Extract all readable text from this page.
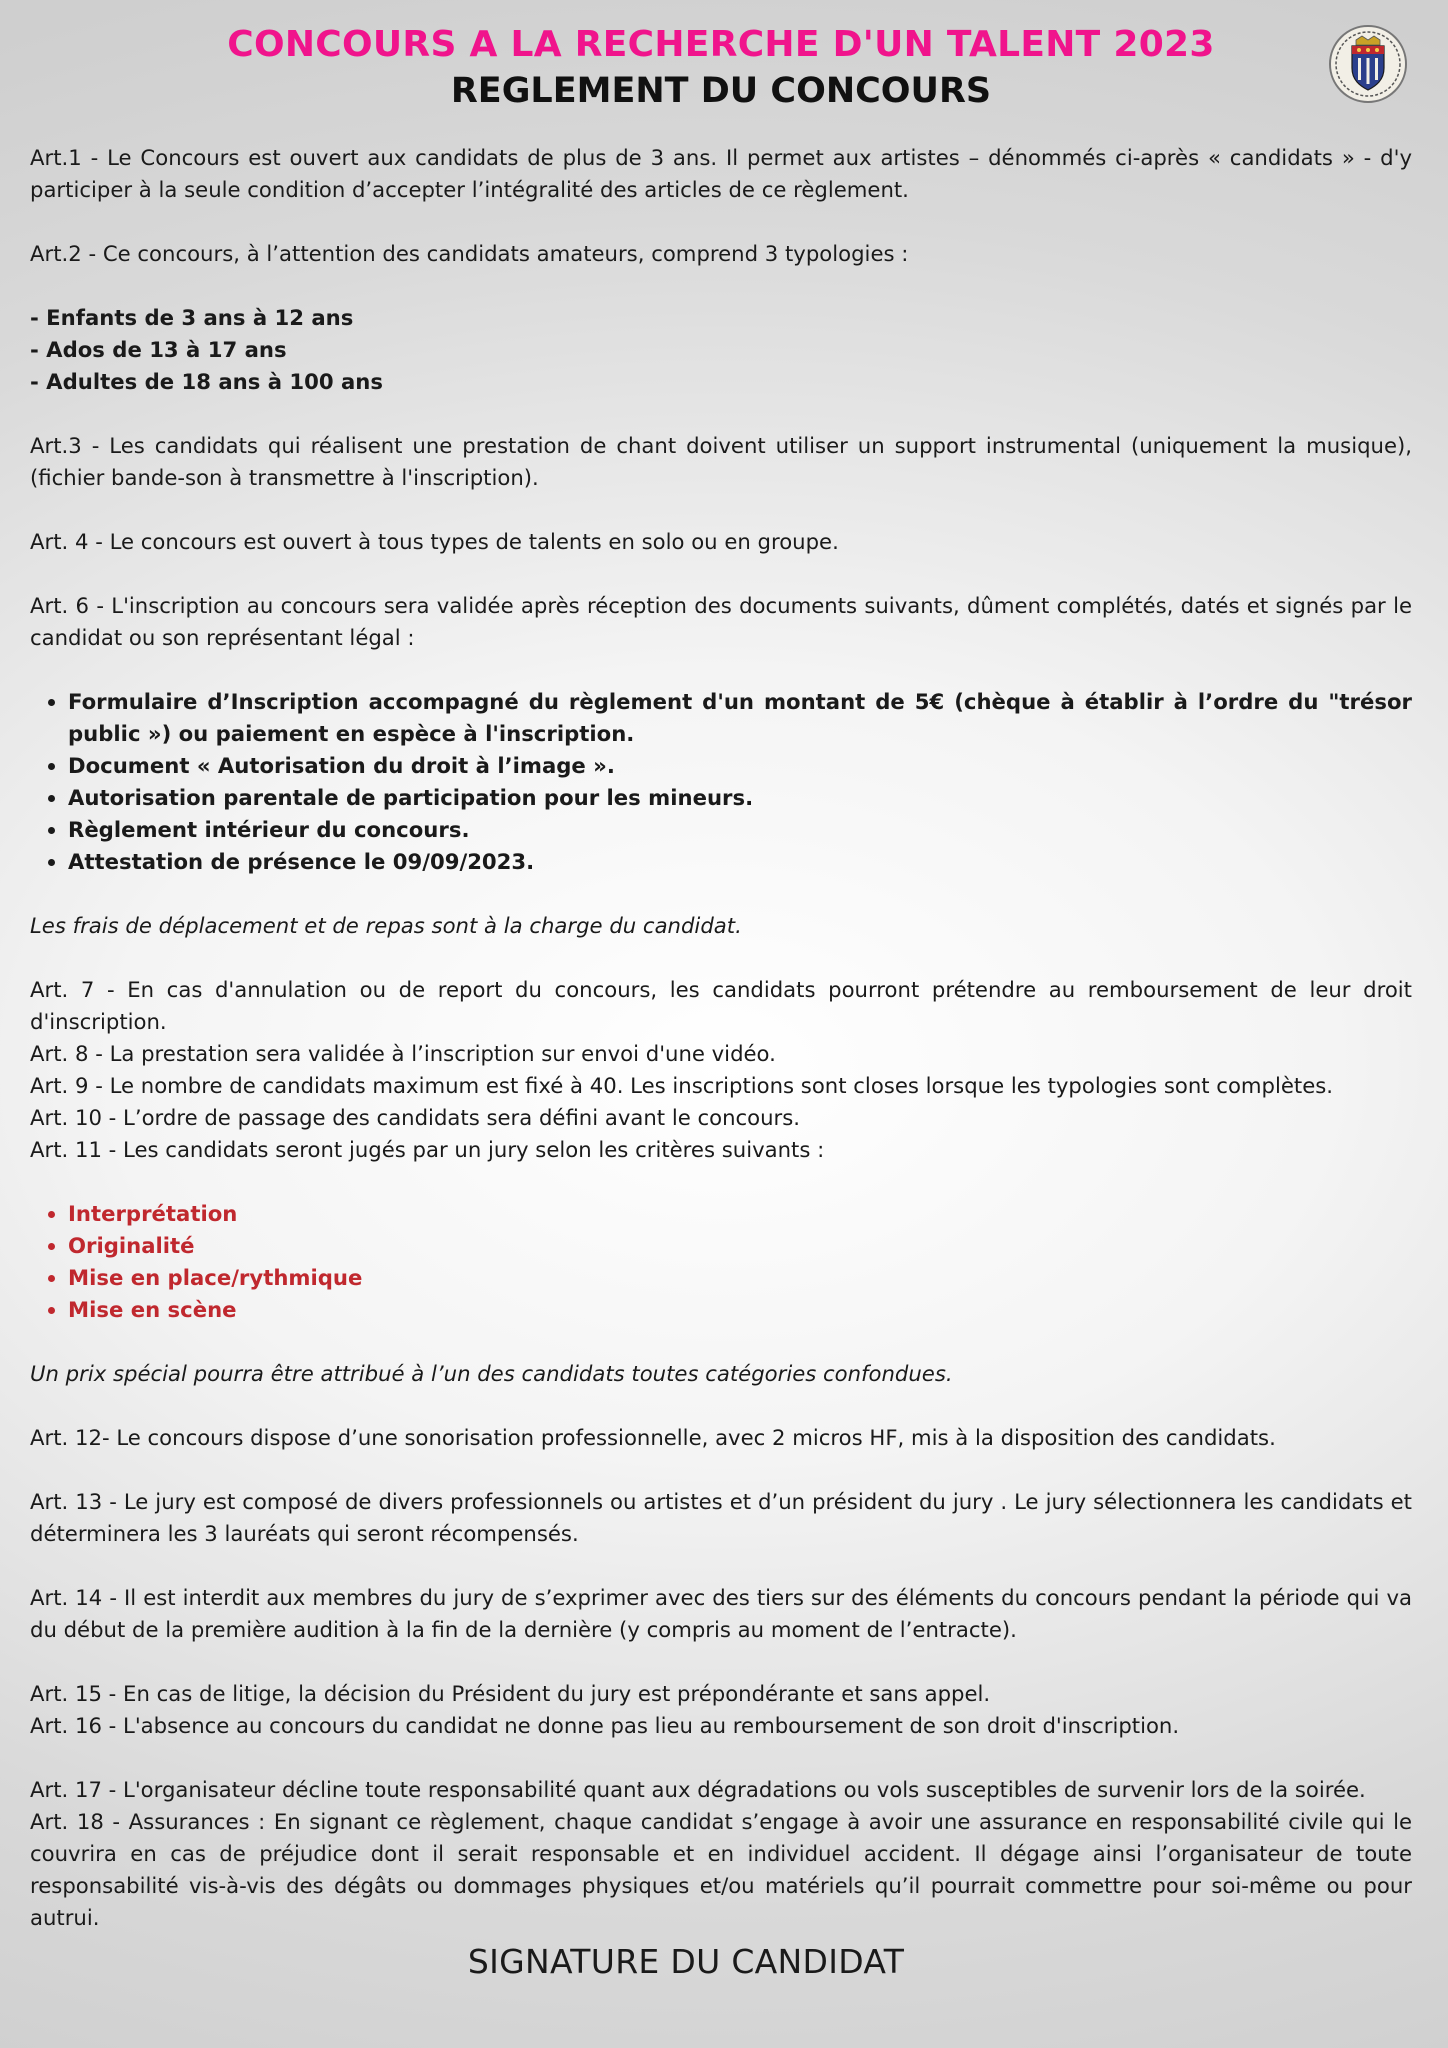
CONCOURS A LA RECHERCHE D'UN TALENT 2023
REGLEMENT DU CONCOURS

Art.1 - Le Concours est ouvert aux candidats de plus de 3 ans. Il permet aux artistes – dénommés ci-après « candidats » - d'y participer à la seule condition d’accepter l’intégralité des articles de ce règlement.

Art.2 - Ce concours, à l’attention des candidats amateurs, comprend 3 typologies :

- Enfants de 3 ans à 12 ans

- Ados de 13 à 17 ans

- Adultes de 18 ans à 100 ans

Art.3 - Les candidats qui réalisent une prestation de chant doivent utiliser un support instrumental (uniquement la musique), (fichier bande-son à transmettre à l'inscription).

Art. 4 - Le concours est ouvert à tous types de talents en solo ou en groupe.

Art. 6 - L'inscription au concours sera validée après réception des documents suivants, dûment complétés, datés et signés par le candidat ou son représentant légal :

• Formulaire d’Inscription accompagné du règlement d'un montant de 5€ (chèque à établir à l’ordre du "trésor public ») ou paiement en espèce à l'inscription.
• Document « Autorisation du droit à l’image ».
• Autorisation parentale de participation pour les mineurs.
• Règlement intérieur du concours.
• Attestation de présence le 09/09/2023.

Les frais de déplacement et de repas sont à la charge du candidat.

Art. 7 - En cas d'annulation ou de report du concours, les candidats pourront prétendre au remboursement de leur droit d'inscription.

Art. 8 - La prestation sera validée à l’inscription sur envoi d'une vidéo.

Art. 9 - Le nombre de candidats maximum est fixé à 40. Les inscriptions sont closes lorsque les typologies sont complètes.

Art. 10 - L’ordre de passage des candidats sera défini avant le concours.

Art. 11 - Les candidats seront jugés par un jury selon les critères suivants :

• Interprétation
• Originalité
• Mise en place/rythmique
• Mise en scène

Un prix spécial pourra être attribué à l’un des candidats toutes catégories confondues.

Art. 12- Le concours dispose d’une sonorisation professionnelle, avec 2 micros HF, mis à la disposition des candidats.

Art. 13 - Le jury est composé de divers professionnels ou artistes et d’un président du jury . Le jury sélectionnera les candidats et déterminera les 3 lauréats qui seront récompensés.

Art. 14 - Il est interdit aux membres du jury de s’exprimer avec des tiers sur des éléments du concours pendant la période qui va du début de la première audition à la fin de la dernière (y compris au moment de l’entracte).

Art. 15 - En cas de litige, la décision du Président du jury est prépondérante et sans appel.

Art. 16 - L'absence au concours du candidat ne donne pas lieu au remboursement de son droit d'inscription.

Art. 17 - L'organisateur décline toute responsabilité quant aux dégradations ou vols susceptibles de survenir lors de la soirée.

Art. 18 - Assurances : En signant ce règlement, chaque candidat s’engage à avoir une assurance en responsabilité civile qui le couvrira en cas de préjudice dont il serait responsable et en individuel accident. Il dégage ainsi l’organisateur de toute responsabilité vis-à-vis des dégâts ou dommages physiques et/ou matériels qu’il pourrait commettre pour soi-même ou pour autrui.

SIGNATURE DU CANDIDAT
